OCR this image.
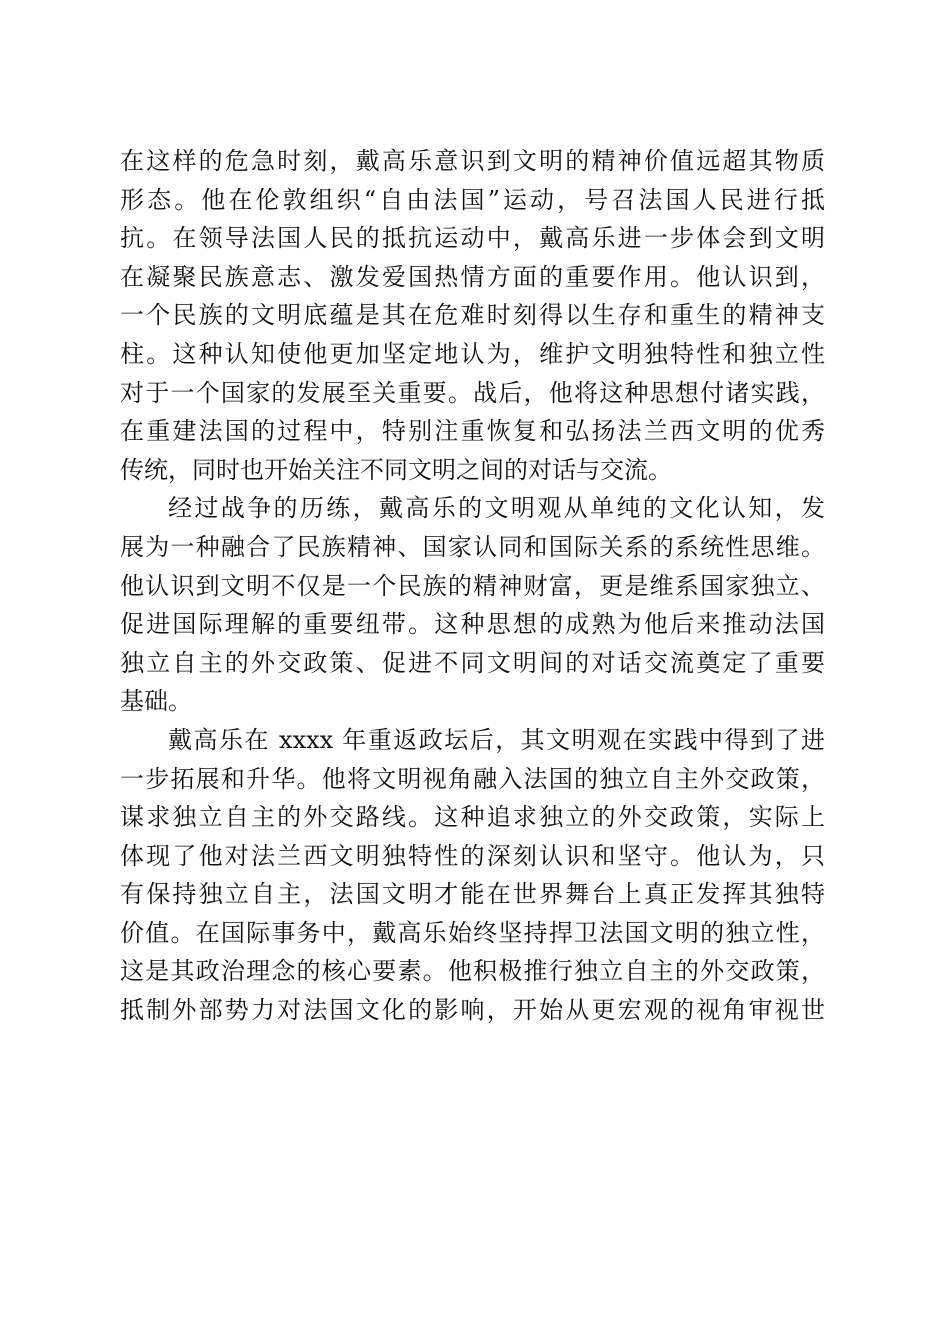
在这样的危急时刻，戴高乐意识到文明的精神价值远超其物质
形态。他在伦敦组织“自由法国”运动，号召法国人民进行抵
抗。在领导法国人民的抵抗运动中，戴高乐进一步体会到文明
在凝聚民族意志、激发爱国热情方面的重要作用。他认识到，
一个民族的文明底蕴是其在危难时刻得以生存和重生的精神支
柱。这种认知使他更加坚定地认为，维护文明独特性和独立性
对于一个国家的发展至关重要。战后，他将这种思想付诸实践，
在重建法国的过程中，特别注重恢复和弘扬法兰西文明的优秀
传统，同时也开始关注不同文明之间的对话与交流。
经过战争的历练，戴高乐的文明观从单纯的文化认知，发
展为一种融合了民族精神、国家认同和国际关系的系统性思维。
他认识到文明不仅是一个民族的精神财富，更是维系国家独立、
促进国际理解的重要纽带。这种思想的成熟为他后来推动法国
独立自主的外交政策、促进不同文明间的对话交流奠定了重要
基础。
戴高乐在 xxxx 年重返政坛后，其文明观在实践中得到了进
一步拓展和升华。他将文明视角融入法国的独立自主外交政策，
谋求独立自主的外交路线。这种追求独立的外交政策，实际上
体现了他对法兰西文明独特性的深刻认识和坚守。他认为，只
有保持独立自主，法国文明才能在世界舞台上真正发挥其独特
价值。在国际事务中，戴高乐始终坚持捍卫法国文明的独立性，
这是其政治理念的核心要素。他积极推行独立自主的外交政策，
抵制外部势力对法国文化的影响，开始从更宏观的视角审视世
